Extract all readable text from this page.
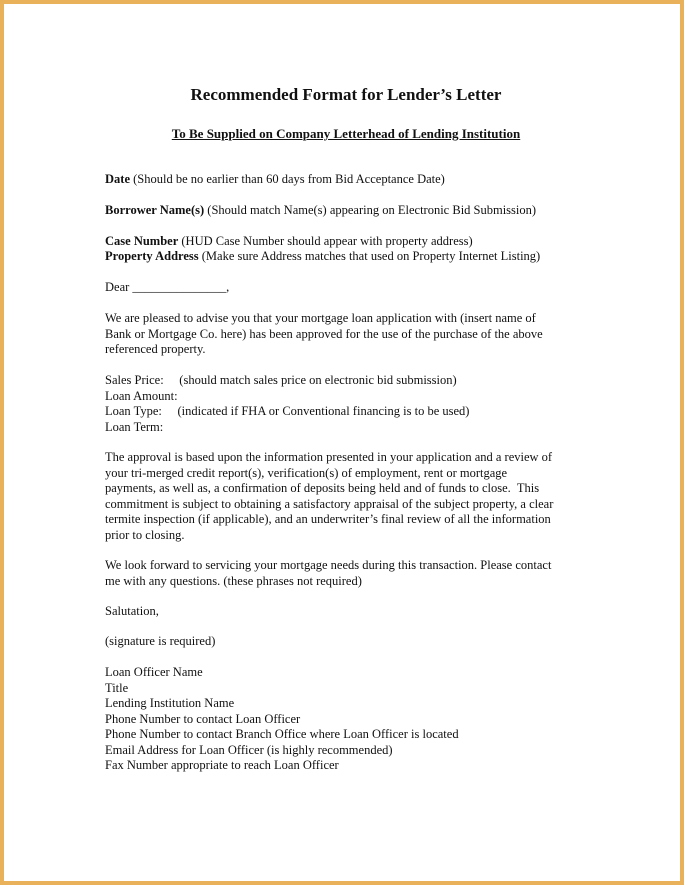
Recommended Format for Lender’s Letter
To Be Supplied on Company Letterhead of Lending Institution
Date (Should be no earlier than 60 days from Bid Acceptance Date)
Borrower Name(s) (Should match Name(s) appearing on Electronic Bid Submission)
Case Number (HUD Case Number should appear with property address)
Property Address (Make sure Address matches that used on Property Internet Listing)
Dear _______________,
We are pleased to advise you that your mortgage loan application with (insert name of
Bank or Mortgage Co. here) has been approved for the use of the purchase of the above
referenced property.
Sales Price:     (should match sales price on electronic bid submission)
Loan Amount:
Loan Type:     (indicated if FHA or Conventional financing is to be used)
Loan Term:
The approval is based upon the information presented in your application and a review of
your tri-merged credit report(s), verification(s) of employment, rent or mortgage
payments, as well as, a confirmation of deposits being held and of funds to close.  This
commitment is subject to obtaining a satisfactory appraisal of the subject property, a clear
termite inspection (if applicable), and an underwriter’s final review of all the information
prior to closing.
We look forward to servicing your mortgage needs during this transaction. Please contact
me with any questions. (these phrases not required)
Salutation,
(signature is required)
Loan Officer Name
Title
Lending Institution Name
Phone Number to contact Loan Officer
Phone Number to contact Branch Office where Loan Officer is located
Email Address for Loan Officer (is highly recommended)
Fax Number appropriate to reach Loan Officer
